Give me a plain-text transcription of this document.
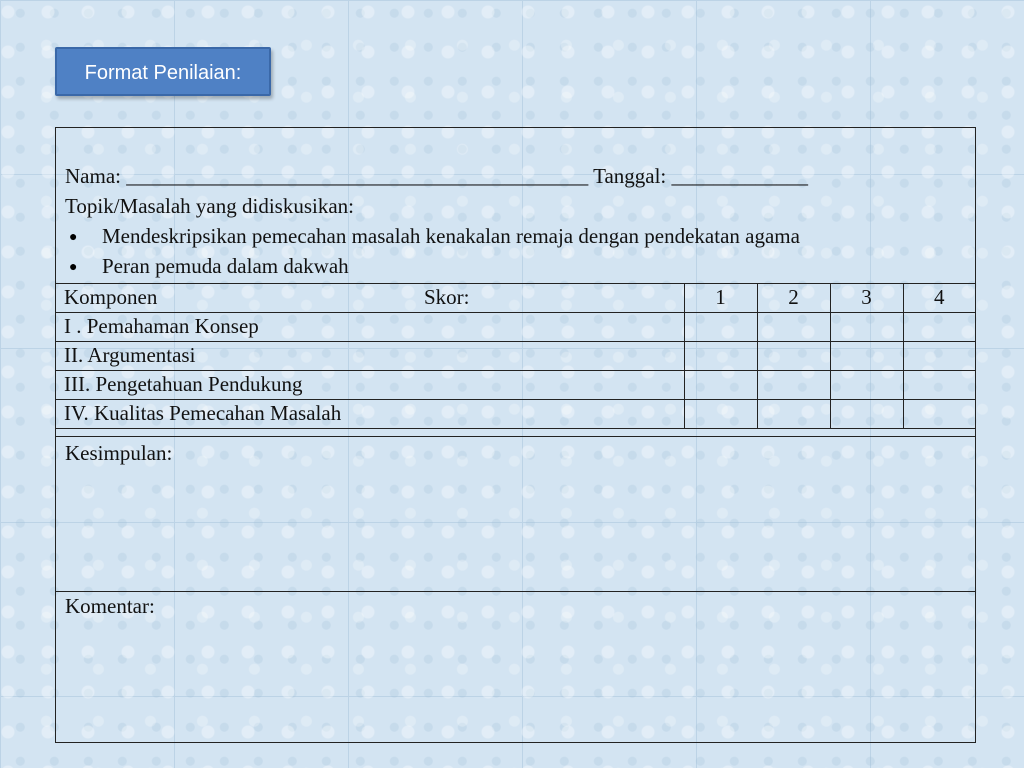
Format Penilaian:
Nama: ____________________________________________ Tanggal: _____________
Topik/Masalah yang didiskusikan:
● Mendeskripsikan pemecahan masalah kenakalan remaja dengan pendekatan agama
● Peran pemuda dalam dakwah
Komponen Skor:	1	2	3	4
I . Pemahaman Konsep				
II. Argumentasi				
III. Pengetahuan Pendukung				
IV. Kualitas Pemecahan Masalah				
Kesimpulan:
Komentar:
